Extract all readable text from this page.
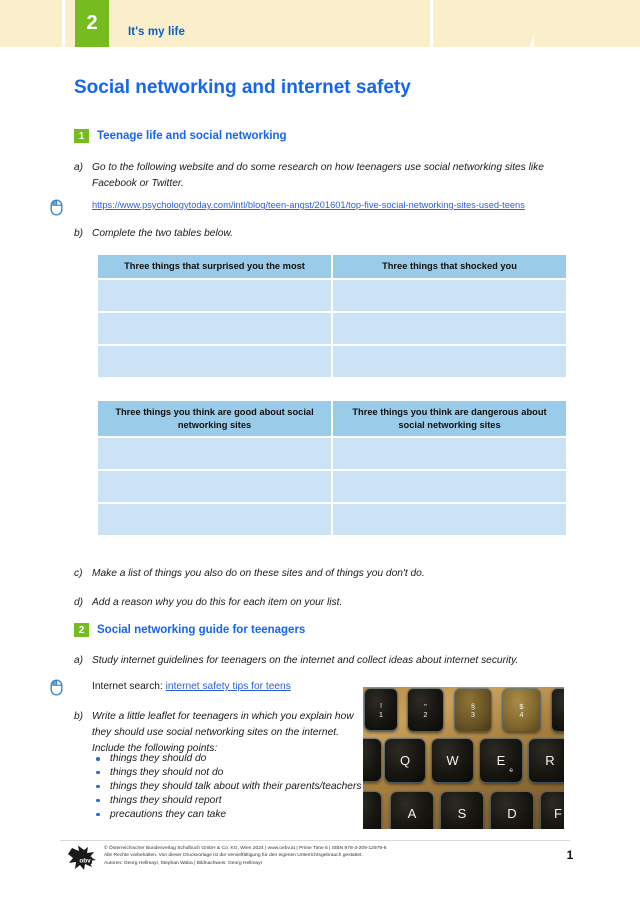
2	It's my life
Social networking and internet safety
1	Teenage life and social networking
a) Go to the following website and do some research on how teenagers use social networking sites like Facebook or Twitter.
https://www.psychologytoday.com/intl/blog/teen-angst/201601/top-five-social-networking-sites-used-teens
b) Complete the two tables below.
Three things that surprised you the most	Three things that shocked you

Three things you think are good about social networking sites	Three things you think are dangerous about social networking sites

c) Make a list of things you also do on these sites and of things you don't do.
d) Add a reason why you do this for each item on your list.
2	Social networking guide for teenagers
a) Study internet guidelines for teenagers on the internet and collect ideas about internet security.
Internet search: internet safety tips for teens
b) Write a little leaflet for teenagers in which you explain how they should use social networking sites on the internet. Include the following points:
things they should do
things they should not do
things they should talk about with their parents/teachers
things they should report
precautions they can take
!
1
"
2
§
3
$
4
Q	W	E
e
R
A	S	D	F
obv
© Österreichischer Bundesverlag Schulbuch GmbH & Co. KG, Wien 2024 | www.oebv.at | Prime Time 5 | ISBN 978-3-209-12979-6
Alle Rechte vorbehalten. Von dieser Druckvorlage ist die Vervielfältigung für den eigenen Unterrichtsgebrauch gestattet.
Autoren: Georg Hellmayr, Stephan Waba | Bildnachweis: Georg Hellmayr
1
